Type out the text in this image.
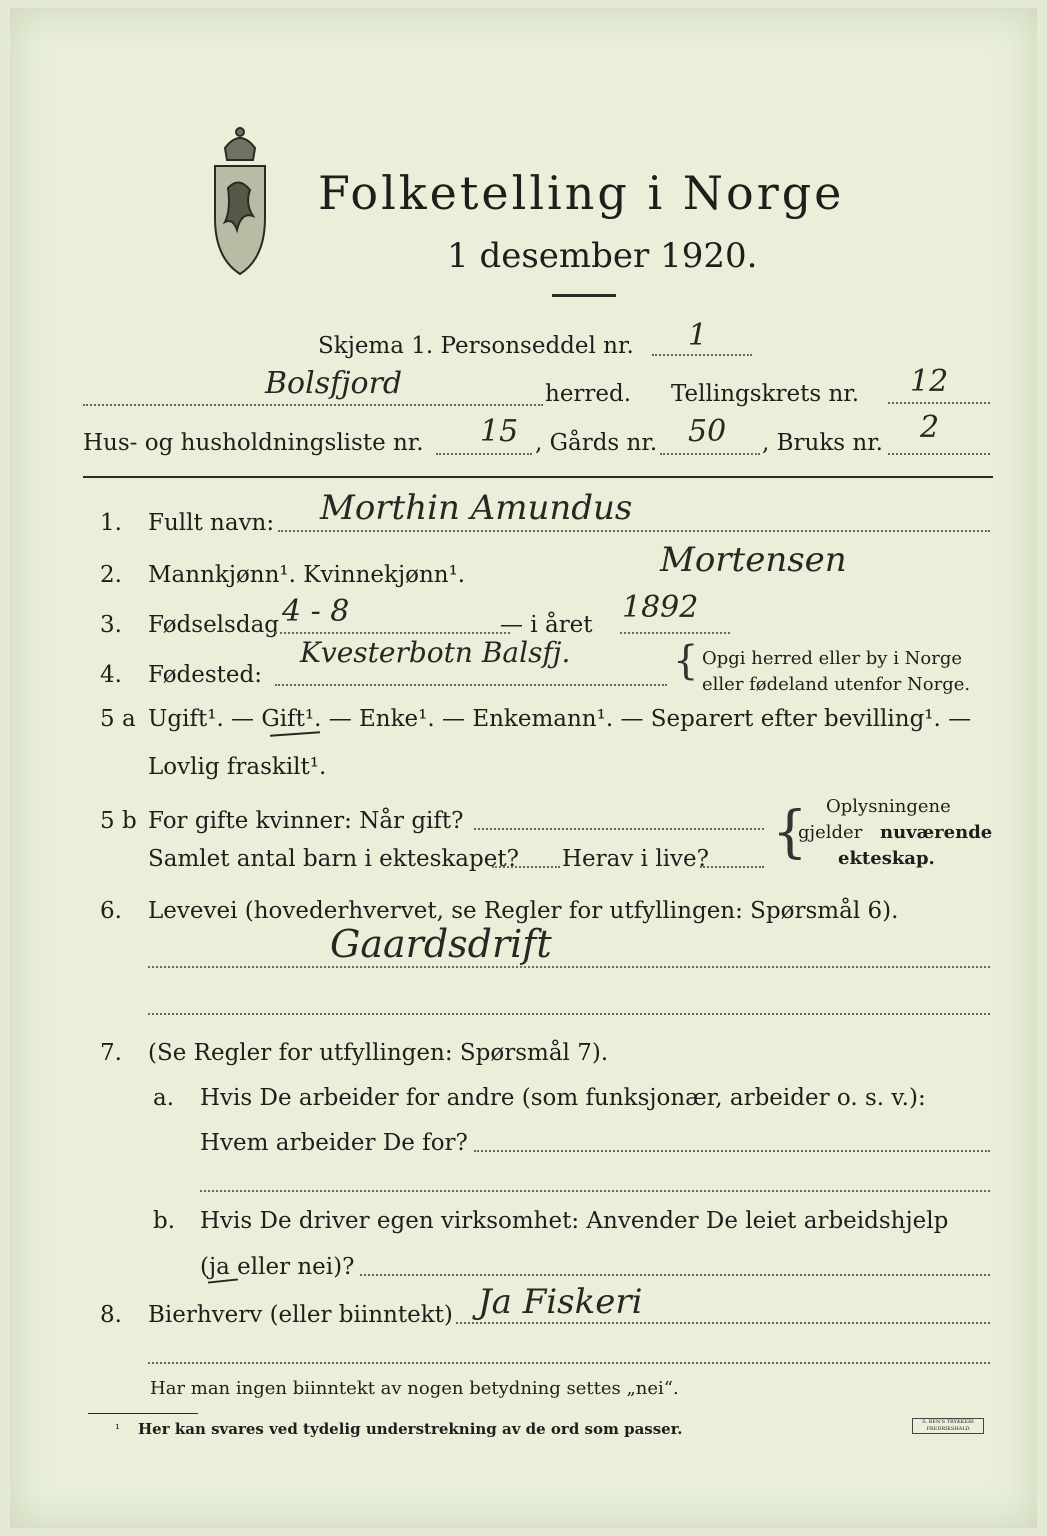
Folketelling i Norge
1 desember 1920.
Skjema 1. Personseddel nr. 1
Bolsfjord	herred. Tellingskrets nr. 12
Hus- og husholdningsliste nr. 15 , Gårds nr. 50 , Bruks nr. 2
1. Fullt navn: Morthin Amundus
2. Mannkjønn¹. Kvinnekjønn¹.	Mortensen
3. Fødselsdag 4 - 8	— i året 1892
4. Fødested:
Kvesterbotn Balsfj.	{ Opgi herred eller by i Norge
eller fødeland utenfor Norge.
5 a Ugift¹. — Gift¹. — Enke¹. — Enkemann¹. — Separert efter bevilling¹. —
Lovlig fraskilt¹.
5 b For gifte kvinner: Når gift?
Samlet antal barn i ekteskapet? Herav i live? { Oplysningene
gjelder nuværende
ekteskap.
6. Levevei (hovederhvervet, se Regler for utfyllingen: Spørsmål 6).
Gaardsdrift
7. (Se Regler for utfyllingen: Spørsmål 7).
a. Hvis De arbeider for andre (som funksjonær, arbeider o. s. v.):
Hvem arbeider De for?
b. Hvis De driver egen virksomhet: Anvender De leiet arbeidshjelp
(ja eller nei)?
8. Bierhverv (eller biinntekt) Ja Fiskeri
Har man ingen biinntekt av nogen betydning settes „nei“.
¹ Her kan svares ved tydelig understrekning av de ord som passer.	S. BEN'S TRYKKERI FREDRIKSHALD
